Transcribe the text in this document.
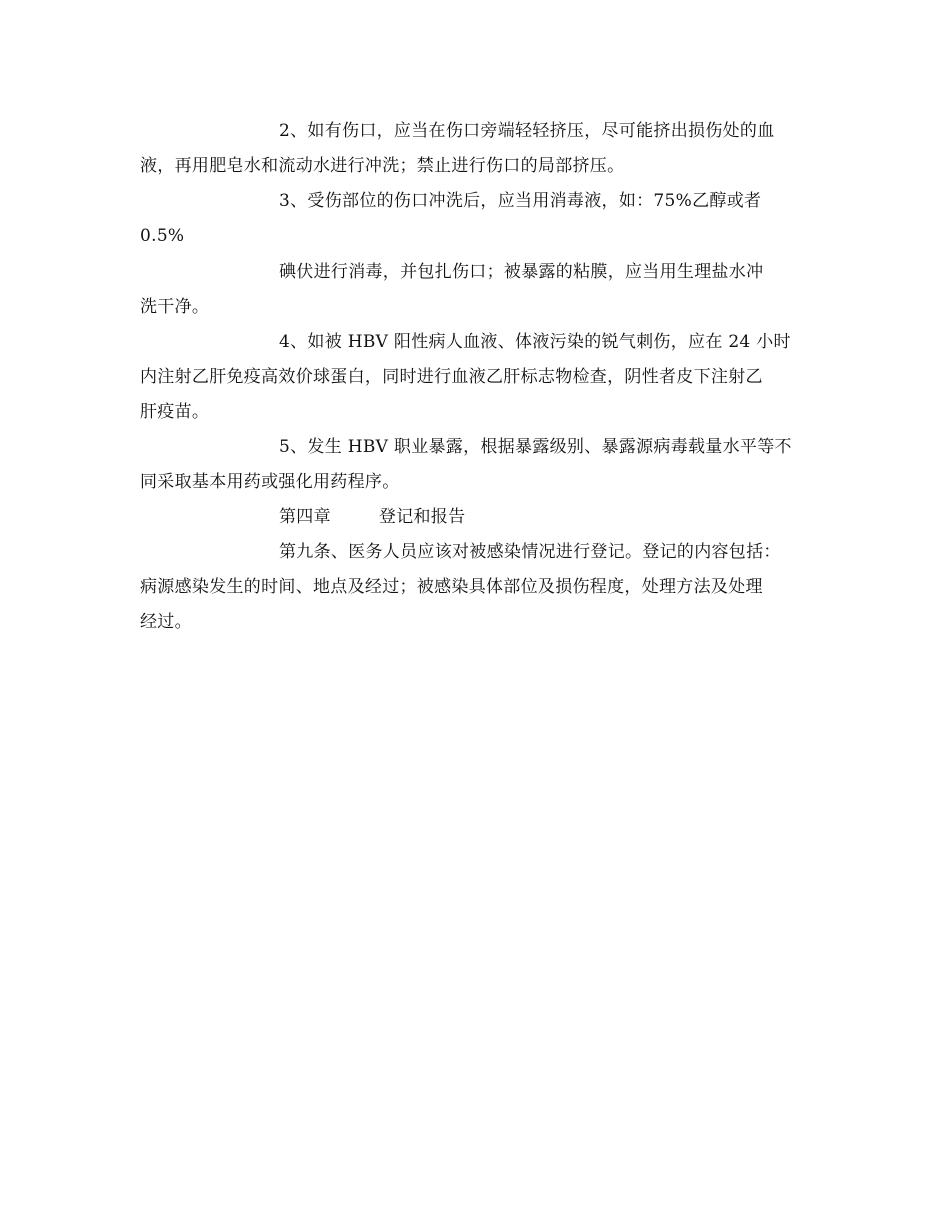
2、如有伤口，应当在伤口旁端轻轻挤压，尽可能挤出损伤处的血
液，再用肥皂水和流动水进行冲洗；禁止进行伤口的局部挤压。
3、受伤部位的伤口冲洗后，应当用消毒液，如：75%乙醇或者
0.5%
碘伏进行消毒，并包扎伤口；被暴露的粘膜，应当用生理盐水冲
洗干净。
4、如被 HBV 阳性病人血液、体液污染的锐气刺伤，应在 24 小时
内注射乙肝免疫高效价球蛋白，同时进行血液乙肝标志物检查，阴性者皮下注射乙
肝疫苗。
5、发生 HBV 职业暴露，根据暴露级别、暴露源病毒载量水平等不
同采取基本用药或强化用药程序。
第四章	登记和报告
第九条、医务人员应该对被感染情况进行登记。登记的内容包括：
病源感染发生的时间、地点及经过；被感染具体部位及损伤程度，处理方法及处理
经过。
